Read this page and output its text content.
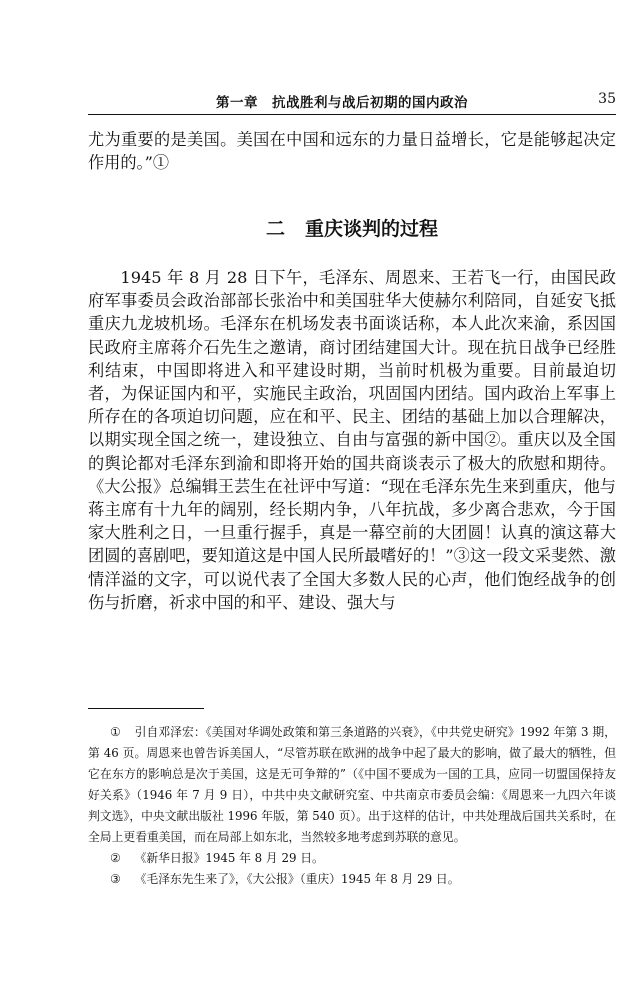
第一章　抗战胜利与战后初期的国内政治	35
尤为重要的是美国。美国在中国和远东的力量日益增长，它是能够起决定作用的。”①
二 重庆谈判的过程
1945 年 8 月 28 日下午，毛泽东、周恩来、王若飞一行，由国民政府军事委员会政治部部长张治中和美国驻华大使赫尔利陪同，自延安飞抵重庆九龙坡机场。毛泽东在机场发表书面谈话称，本人此次来渝，系因国民政府主席蒋介石先生之邀请，商讨团结建国大计。现在抗日战争已经胜利结束，中国即将进入和平建设时期，当前时机极为重要。目前最迫切者，为保证国内和平，实施民主政治，巩固国内团结。国内政治上军事上所存在的各项迫切问题，应在和平、民主、团结的基础上加以合理解决，以期实现全国之统一，建设独立、自由与富强的新中国②。重庆以及全国的舆论都对毛泽东到渝和即将开始的国共商谈表示了极大的欣慰和期待。《大公报》总编辑王芸生在社评中写道：“现在毛泽东先生来到重庆，他与蒋主席有十九年的阔别，经长期内争，八年抗战，多少离合悲欢，今于国家大胜利之日，一旦重行握手，真是一幕空前的大团圆！认真的演这幕大团圆的喜剧吧，要知道这是中国人民所最嗜好的！”③这一段文采斐然、激情洋溢的文字，可以说代表了全国大多数人民的心声，他们饱经战争的创伤与折磨，祈求中国的和平、建设、强大与
① 引自邓泽宏：《美国对华调处政策和第三条道路的兴衰》，《中共党史研究》1992 年第 3 期，第 46 页。周恩来也曾告诉美国人，“尽管苏联在欧洲的战争中起了最大的影响，做了最大的牺牲，但它在东方的影响总是次于美国，这是无可争辩的”（《中国不要成为一国的工具，应同一切盟国保持友好关系》（1946 年 7 月 9 日），中共中央文献研究室、中共南京市委员会编：《周恩来一九四六年谈判文选》，中央文献出版社 1996 年版，第 540 页）。出于这样的估计，中共处理战后国共关系时，在全局上更看重美国，而在局部上如东北，当然较多地考虑到苏联的意见。
② 《新华日报》1945 年 8 月 29 日。
③ 《毛泽东先生来了》，《大公报》（重庆）1945 年 8 月 29 日。
